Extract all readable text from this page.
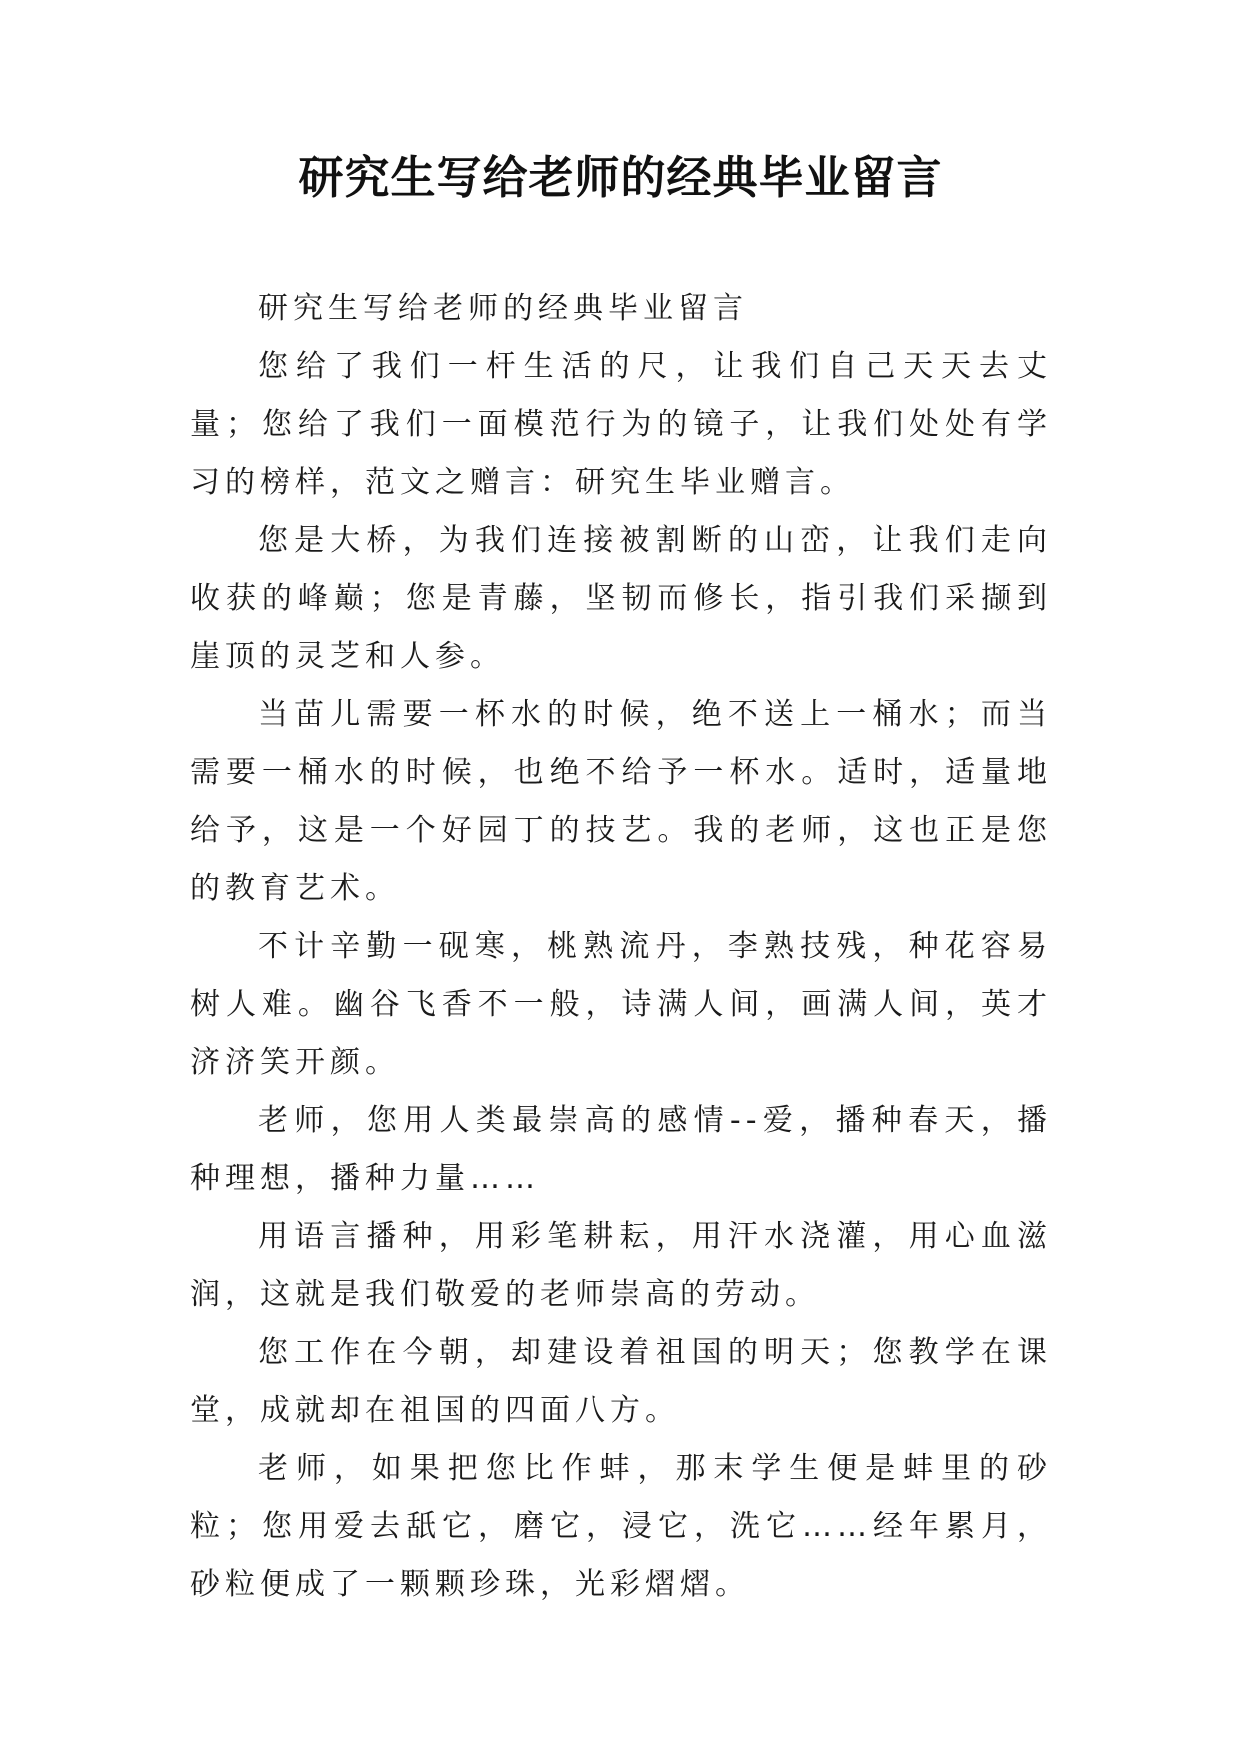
研究生写给老师的经典毕业留言

研究生写给老师的经典毕业留言

您给了我们一杆生活的尺，让我们自己天天去丈量；您给了我们一面模范行为的镜子，让我们处处有学习的榜样，范文之赠言：研究生毕业赠言。

您是大桥，为我们连接被割断的山峦，让我们走向收获的峰巅；您是青藤，坚韧而修长，指引我们采撷到崖顶的灵芝和人参。

当苗儿需要一杯水的时候，绝不送上一桶水；而当需要一桶水的时候，也绝不给予一杯水。适时，适量地给予，这是一个好园丁的技艺。我的老师，这也正是您的教育艺术。

不计辛勤一砚寒，桃熟流丹，李熟技残，种花容易树人难。幽谷飞香不一般，诗满人间，画满人间，英才济济笑开颜。

老师，您用人类最崇高的感情--爱，播种春天，播种理想，播种力量……

用语言播种，用彩笔耕耘，用汗水浇灌，用心血滋润，这就是我们敬爱的老师崇高的劳动。

您工作在今朝，却建设着祖国的明天；您教学在课堂，成就却在祖国的四面八方。

老师，如果把您比作蚌，那末学生便是蚌里的砂粒；您用爱去舐它，磨它，浸它，洗它……经年累月，砂粒便成了一颗颗珍珠，光彩熠熠。
